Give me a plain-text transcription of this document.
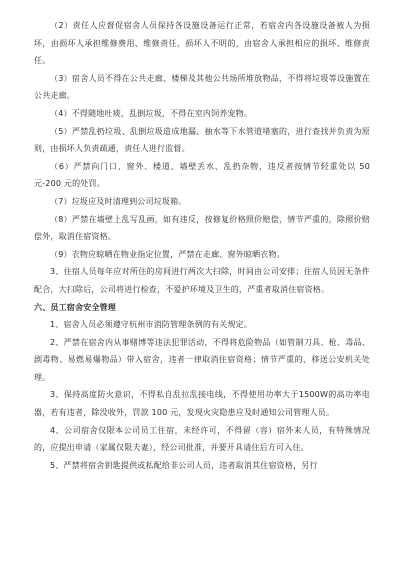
（2）责任人应督促宿舍人员保持各设施设备运行正常，若宿舍内各设施设备被人为损坏，由损坏人承担维修费用、维修责任，损坏人不明的，由宿舍人承担相应的损坏、维修责任。

（3）宿舍人员不得在公共走廊、楼梯及其他公共场所堆放物品，不得将垃圾等设施置在公共走廊。

（4）不得随地吐痰，乱倒垃圾，不得在室内饲养宠物。

（5）严禁乱扔垃圾、乱倒垃圾造成地漏、抽水等下水管道堵塞的，进行查找并负责为原则，由损坏人负责疏通，责任人进行监督。

（6）严禁向门口、窗外、楼道、墙壁丢水、乱扔杂物，违反者按情节轻重处以 50 元-200 元的处罚。

（7）垃圾应及时清理到公司垃圾箱。

（8）严禁在墙壁上乱写乱画，如有违反，按修复价格照价赔偿，情节严重的，除照价赔偿外，取消住宿资格。

（9）衣物应晾晒在物业指定位置，严禁在走廊、窗外晾晒衣物。

3、住宿人员每年应对所住的房间进行两次大扫除，时间由公司安排；住宿人员因无条件配合，大扫除后，公司将进行检查，不爱护环境及卫生的，严重者取消住宿资格。

六、员工宿舍安全管理

1、宿舍人员必须遵守杭州市消防管理条例的有关规定。

2、严禁在宿舍内从事赌博等违法犯罪活动，不得将危险物品（如管制刀具、枪、毒品、剧毒物、易燃易爆物品）带入宿舍，违者一律取消住宿资格；情节严重的，移送公安机关处理。

3、保持高度防火意识，不得私自乱拉乱接电线，不得使用功率大于1500W的高功率电器，若有违者，除没收外，罚款 100 元，发现火灾隐患应及时通知公司管理人员。

4、公司宿舍仅限本公司员工住宿，未经许可，不得留（容）宿外来人员，有特殊情况的，应提出申请（家属仅限夫妻），经公司批准，并要开具请住后方可入住。

5、严禁将宿舍钥匙提供或私配给非公司人员，违者取消其住宿资格，另行
